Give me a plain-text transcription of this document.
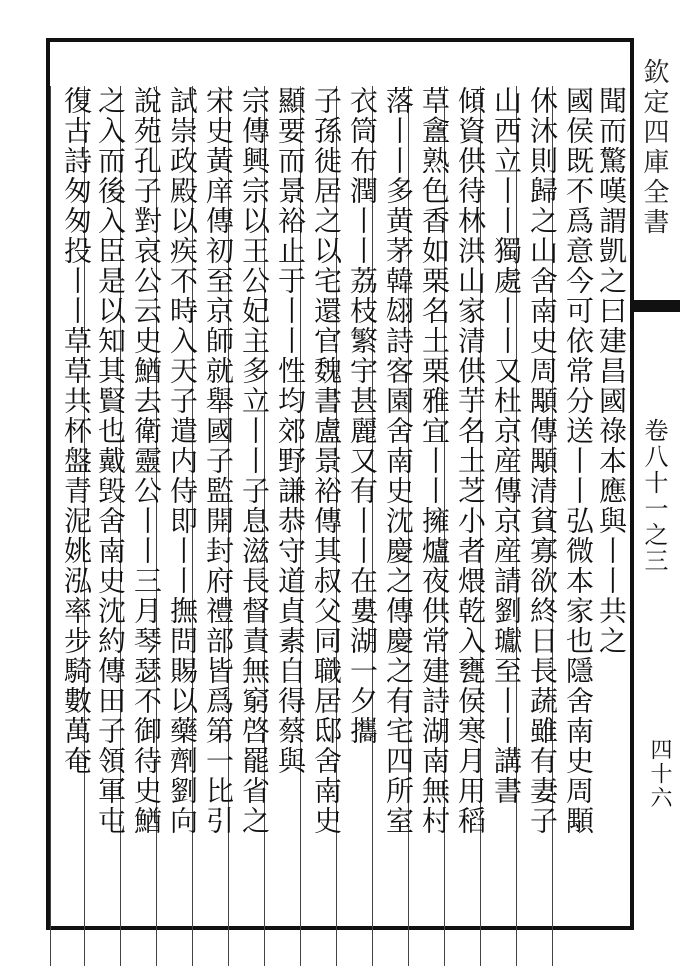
聞而驚嘆謂凱之曰建昌國祿本應與丨丨共之
國侯既不爲意今可依常分送丨丨弘微本家也隱舍南史周顒
休沐則歸之山舍南史周顒傳顒清貧寡欲終日長蔬雖有妻子
山西立丨丨獨處丨丨又杜京産傳京産請劉瓛至丨丨講書
傾資供待林洪山家清供芋名土芝小者煨乾入甕侯寒月用稻
草盦熟色香如栗名土栗雅宜丨丨擁爐夜供常建詩湖南無村
落丨丨多黄茅韓翃詩客園舍南史沈慶之傳慶之有宅四所室
衣筒布潤丨丨荔枝繁宇甚麗又有丨丨在婁湖一夕攜
子孫徙居之以宅還官魏書盧景裕傳其叔父同職居邸舍南史
顯要而景裕止于丨丨性均郊野謙恭守道貞素自得蔡與
宗傳興宗以王公妃主多立丨丨子息滋長督責無窮啓罷省之
宋史黃庠傳初至京師就舉國子監開封府禮部皆爲第一比引
試崇政殿以疾不時入天子遣内侍即丨丨撫問賜以藥劑劉向
說苑孔子對哀公云史鰌去衛靈公丨丨三月琴瑟不御待史鰌
之入而後入臣是以知其賢也戴毁舍南史沈約傳田子領軍屯
復古詩匆匆投丨丨草草共杯盤青泥姚泓率步騎數萬奄	欽定四庫全書
卷八十一之三
四十六
